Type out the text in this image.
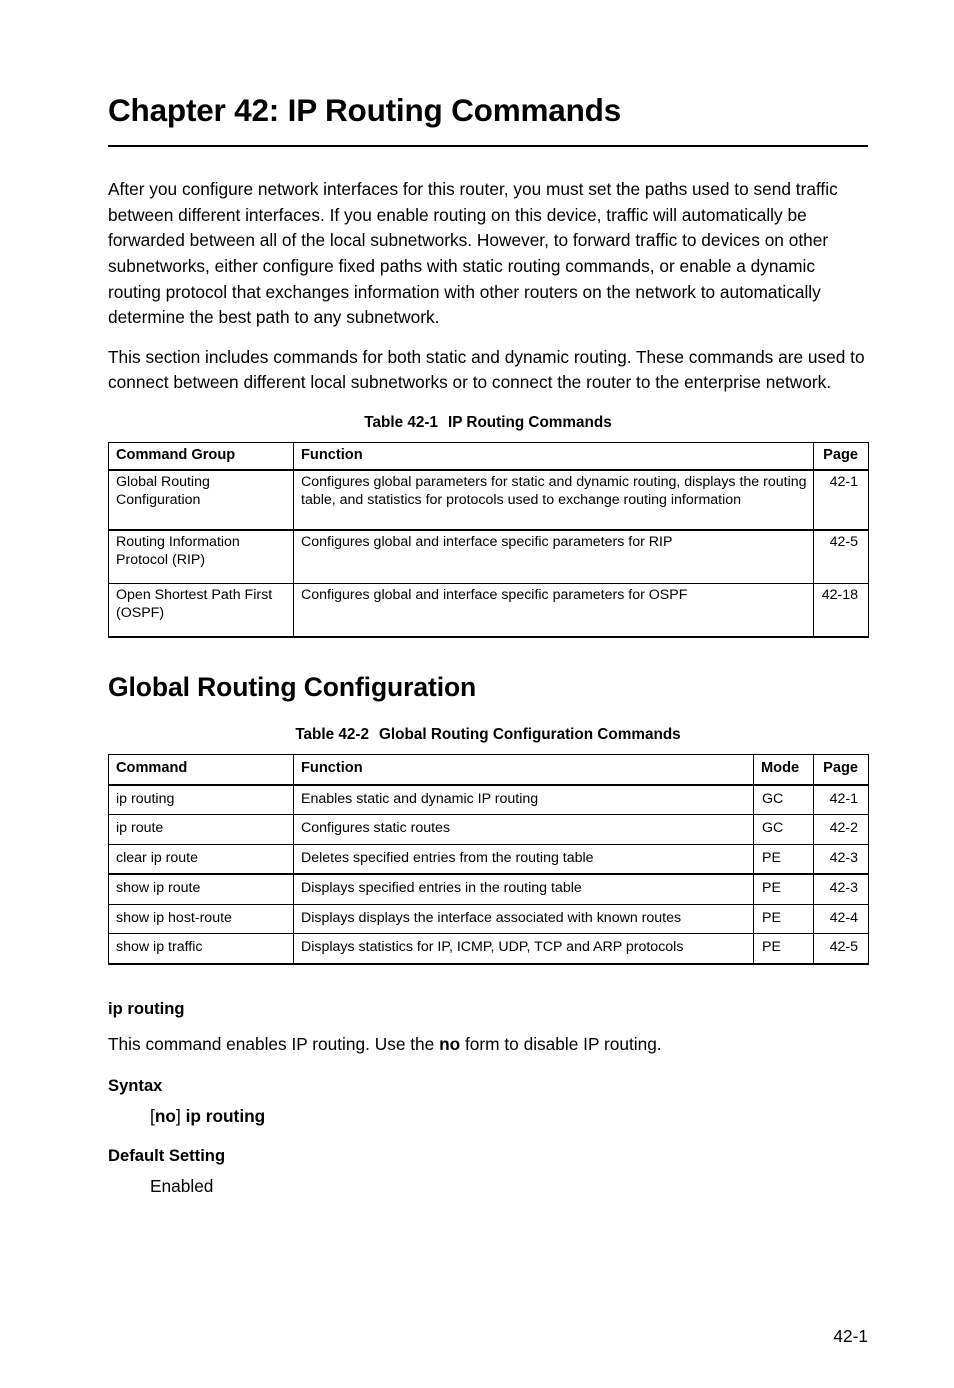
Chapter 42: IP Routing Commands

After you configure network interfaces for this router, you must set the paths used to send traffic between different interfaces. If you enable routing on this device, traffic will automatically be forwarded between all of the local subnetworks. However, to forward traffic to devices on other subnetworks, either configure fixed paths with static routing commands, or enable a dynamic routing protocol that exchanges information with other routers on the network to automatically determine the best path to any subnetwork.

This section includes commands for both static and dynamic routing. These commands are used to connect between different local subnetworks or to connect the router to the enterprise network.

Table 42-1 IP Routing Commands
Command Group	Function	Page
Global Routing Configuration	Configures global parameters for static and dynamic routing, displays the routing table, and statistics for protocols used to exchange routing information	42-1
Routing Information Protocol (RIP)	Configures global and interface specific parameters for RIP	42-5
Open Shortest Path First (OSPF)	Configures global and interface specific parameters for OSPF	42-18
Global Routing Configuration
Table 42-2 Global Routing Configuration Commands
Command	Function	Mode	Page
ip routing	Enables static and dynamic IP routing	GC	42-1
ip route	Configures static routes	GC	42-2
clear ip route	Deletes specified entries from the routing table	PE	42-3
show ip route	Displays specified entries in the routing table	PE	42-3
show ip host-route	Displays displays the interface associated with known routes	PE	42-4
show ip traffic	Displays statistics for IP, ICMP, UDP, TCP and ARP protocols	PE	42-5
ip routing

This command enables IP routing. Use the no form to disable IP routing.

Syntax

[no] ip routing

Default Setting

Enabled

42-1
